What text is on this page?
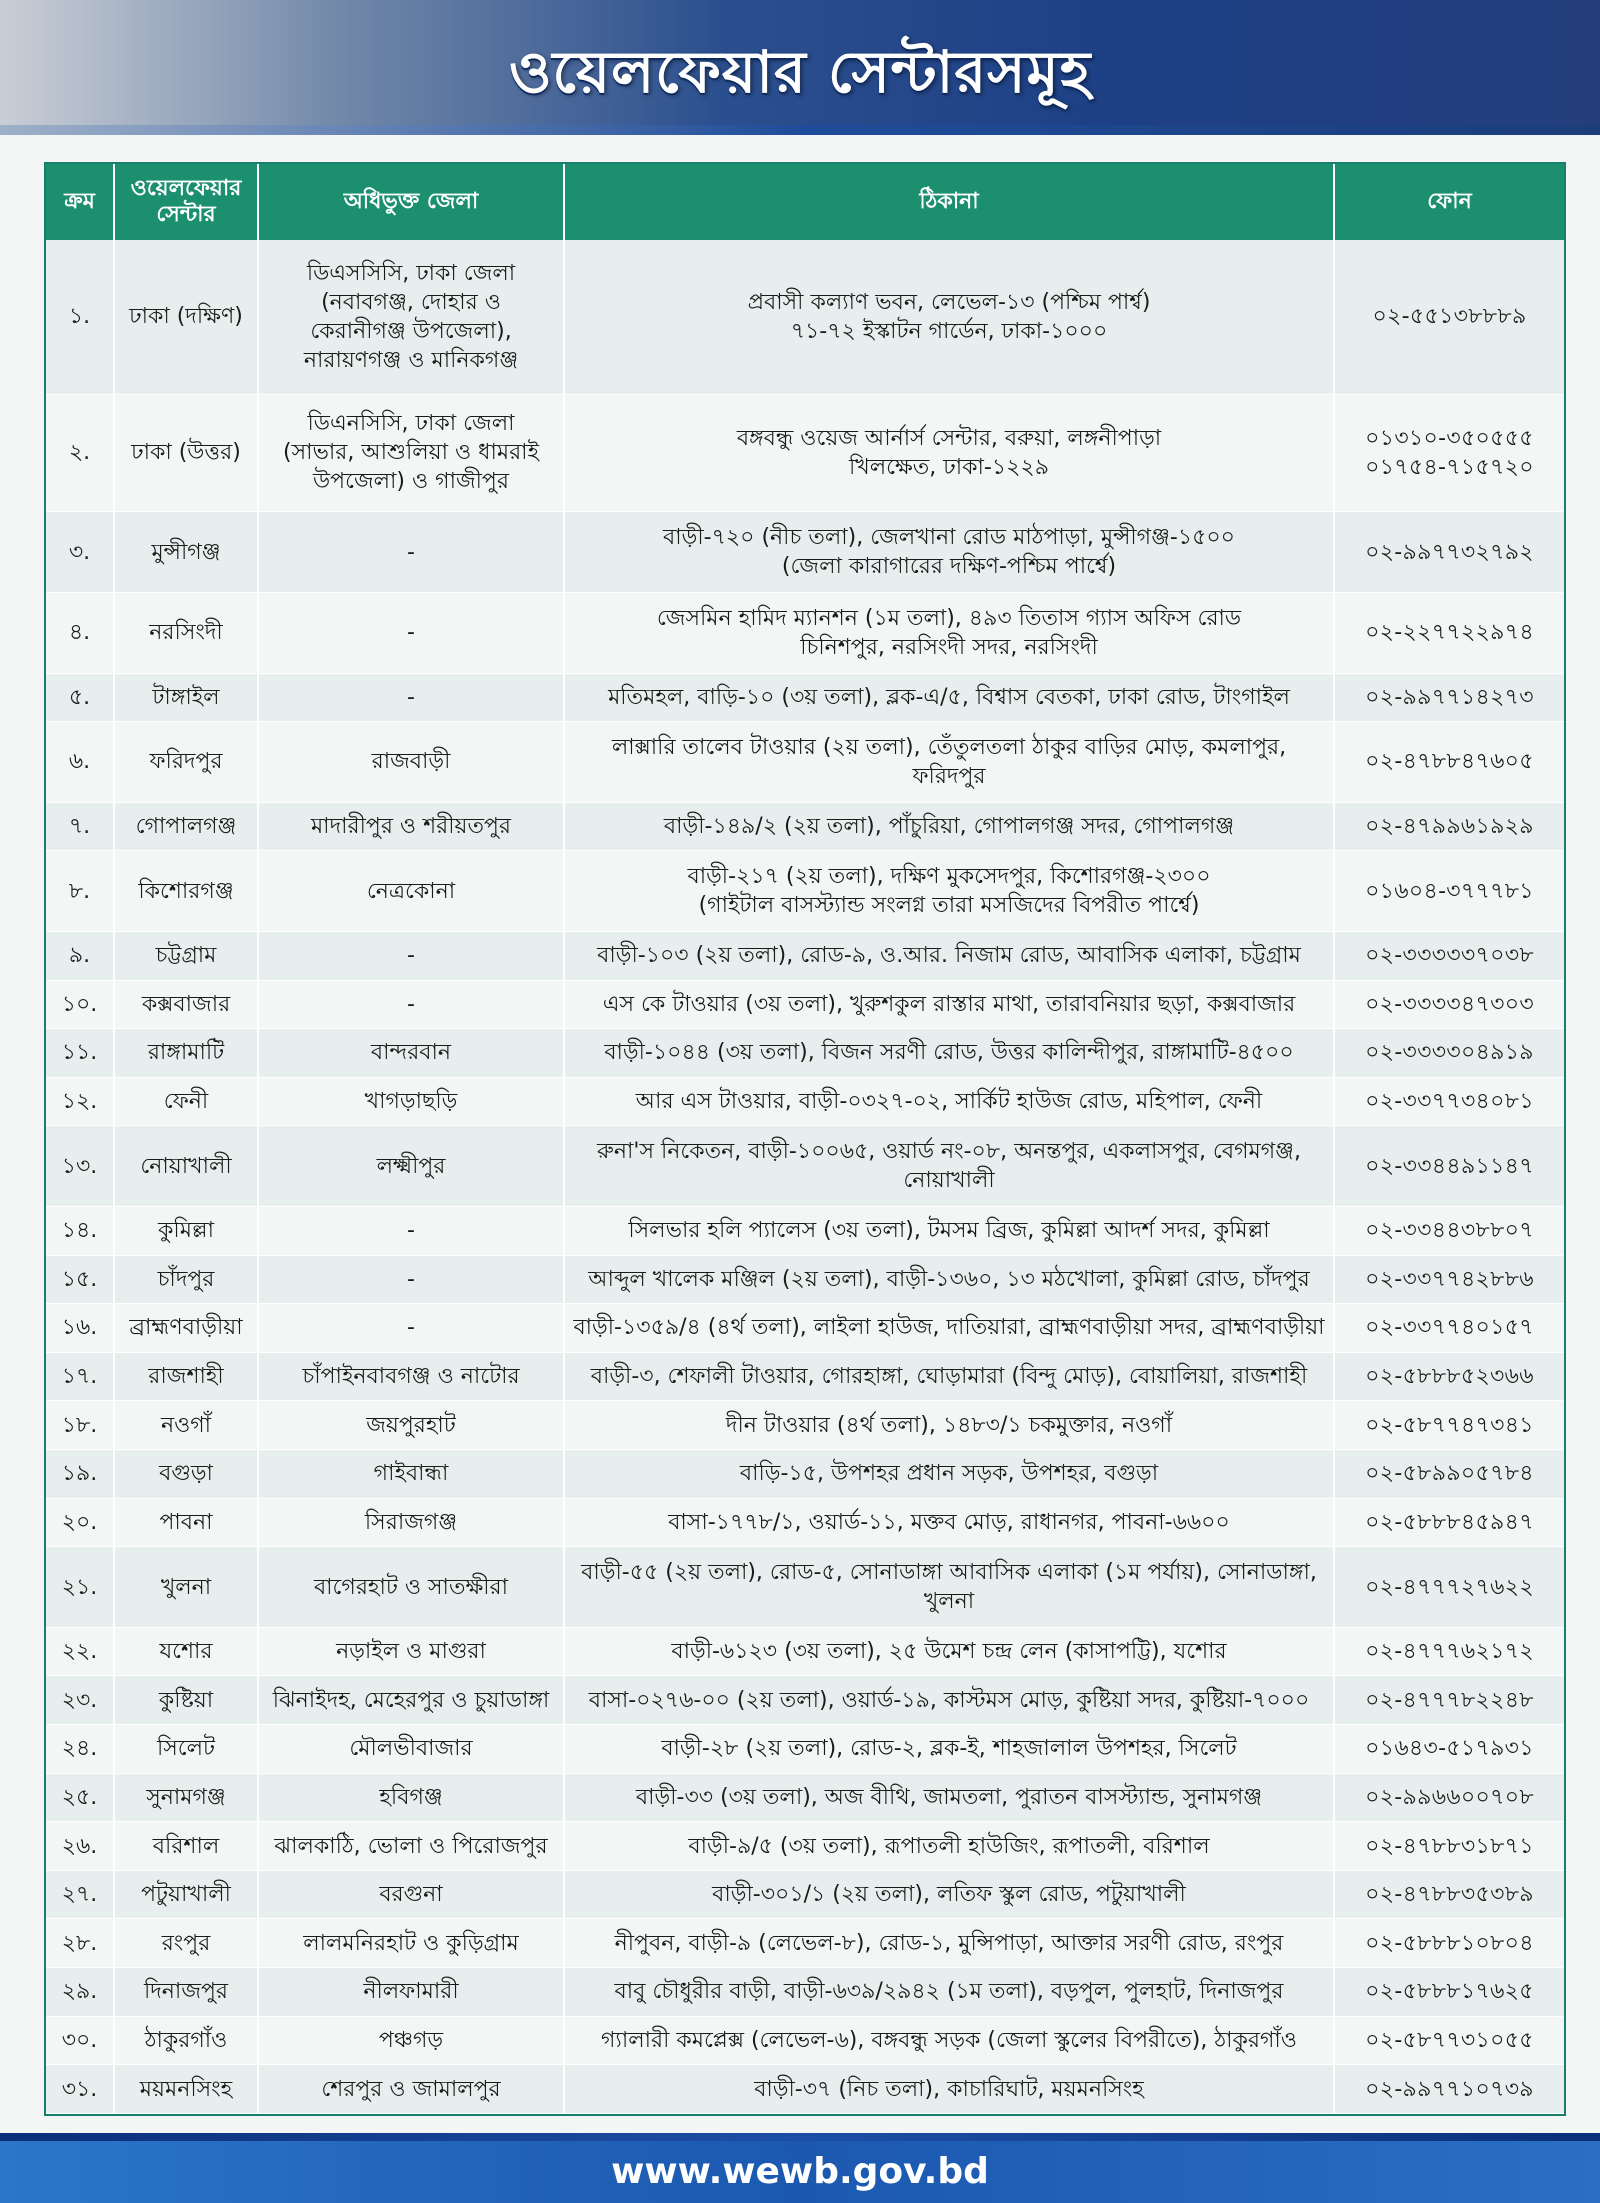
ওয়েলফেয়ার সেন্টারসমূহ
ক্রম	ওয়েলফেয়ার সেন্টার	অধিভুক্ত জেলা	ঠিকানা	ফোন
১.	ঢাকা (দক্ষিণ)	ডিএসসিসি, ঢাকা জেলা
(নবাবগঞ্জ, দোহার ও
কেরানীগঞ্জ উপজেলা),
নারায়ণগঞ্জ ও মানিকগঞ্জ	প্রবাসী কল্যাণ ভবন, লেভেল-১৩ (পশ্চিম পার্শ্ব)
৭১-৭২ ইস্কাটন গার্ডেন, ঢাকা-১০০০	০২-৫৫১৩৮৮৮৯

২.	ঢাকা (উত্তর)	ডিএনসিসি, ঢাকা জেলা
(সাভার, আশুলিয়া ও ধামরাই
উপজেলা) ও গাজীপুর	বঙ্গবন্ধু ওয়েজ আর্নার্স সেন্টার, বরুয়া, লঙ্গনীপাড়া
খিলক্ষেত, ঢাকা-১২২৯	০১৩১০-৩৫০৫৫৫
০১৭৫৪-৭১৫৭২০

৩.	মুন্সীগঞ্জ	-	বাড়ী-৭২০ (নীচ তলা), জেলখানা রোড মাঠপাড়া, মুন্সীগঞ্জ-১৫০০
(জেলা কারাগারের দক্ষিণ-পশ্চিম পার্শ্বে)	০২-৯৯৭৭৩২৭৯২

৪.	নরসিংদী	-	জেসমিন হামিদ ম্যানশন (১ম তলা), ৪৯৩ তিতাস গ্যাস অফিস রোড
চিনিশপুর, নরসিংদী সদর, নরসিংদী	০২-২২৭৭২২৯৭৪

৫.	টাঙ্গাইল	-	মতিমহল, বাড়ি-১০ (৩য় তলা), ব্লক-এ/৫, বিশ্বাস বেতকা, ঢাকা রোড, টাংগাইল	০২-৯৯৭৭১৪২৭৩

৬.	ফরিদপুর	রাজবাড়ী	লাক্সারি তালেব টাওয়ার (২য় তলা), তেঁতুলতলা ঠাকুর বাড়ির মোড়, কমলাপুর, ফরিদপুর	০২-৪৭৮৮৪৭৬০৫

৭.	গোপালগঞ্জ	মাদারীপুর ও শরীয়তপুর	বাড়ী-১৪৯/২ (২য় তলা), পাঁচুরিয়া, গোপালগঞ্জ সদর, গোপালগঞ্জ	০২-৪৭৯৯৬১৯২৯

৮.	কিশোরগঞ্জ	নেত্রকোনা	বাড়ী-২১৭ (২য় তলা), দক্ষিণ মুকসেদপুর, কিশোরগঞ্জ-২৩০০
(গাইটাল বাসস্ট্যান্ড সংলগ্ন তারা মসজিদের বিপরীত পার্শ্বে)	০১৬০৪-৩৭৭৭৮১

৯.	চট্টগ্রাম	-	বাড়ী-১০৩ (২য় তলা), রোড-৯, ও.আর. নিজাম রোড, আবাসিক এলাকা, চট্টগ্রাম	০২-৩৩৩৩৩৭০৩৮

১০.	কক্সবাজার	-	এস কে টাওয়ার (৩য় তলা), খুরুশকুল রাস্তার মাথা, তারাবনিয়ার ছড়া, কক্সবাজার	০২-৩৩৩৩৪৭৩০৩

১১.	রাঙ্গামাটি	বান্দরবান	বাড়ী-১০৪৪ (৩য় তলা), বিজন সরণী রোড, উত্তর কালিন্দীপুর, রাঙ্গামাটি-৪৫০০	০২-৩৩৩৩০৪৯১৯

১২.	ফেনী	খাগড়াছড়ি	আর এস টাওয়ার, বাড়ী-০৩২৭-০২, সার্কিট হাউজ রোড, মহিপাল, ফেনী	০২-৩৩৭৭৩৪০৮১

১৩.	নোয়াখালী	লক্ষ্মীপুর	রুনা'স নিকেতন, বাড়ী-১০০৬৫, ওয়ার্ড নং-০৮, অনন্তপুর, একলাসপুর, বেগমগঞ্জ, নোয়াখালী	০২-৩৩৪৪৯১১৪৭

১৪.	কুমিল্লা	-	সিলভার হলি প্যালেস (৩য় তলা), টমসম ব্রিজ, কুমিল্লা আদর্শ সদর, কুমিল্লা	০২-৩৩৪৪৩৮৮০৭

১৫.	চাঁদপুর	-	আব্দুল খালেক মঞ্জিল (২য় তলা), বাড়ী-১৩৬০, ১৩ মঠখোলা, কুমিল্লা রোড, চাঁদপুর	০২-৩৩৭৭৪২৮৮৬

১৬.	ব্রাহ্মণবাড়ীয়া	-	বাড়ী-১৩৫৯/৪ (৪র্থ তলা), লাইলা হাউজ, দাতিয়ারা, ব্রাহ্মণবাড়ীয়া সদর, ব্রাহ্মণবাড়ীয়া	০২-৩৩৭৭৪০১৫৭

১৭.	রাজশাহী	চাঁপাইনবাবগঞ্জ ও নাটোর	বাড়ী-৩, শেফালী টাওয়ার, গোরহাঙ্গা, ঘোড়ামারা (বিন্দু মোড়), বোয়ালিয়া, রাজশাহী	০২-৫৮৮৮৫২৩৬৬

১৮.	নওগাঁ	জয়পুরহাট	দীন টাওয়ার (৪র্থ তলা), ১৪৮৩/১ চকমুক্তার, নওগাঁ	০২-৫৮৭৭৪৭৩৪১

১৯.	বগুড়া	গাইবান্ধা	বাড়ি-১৫, উপশহর প্রধান সড়ক, উপশহর, বগুড়া	০২-৫৮৯৯০৫৭৮৪

২০.	পাবনা	সিরাজগঞ্জ	বাসা-১৭৭৮/১, ওয়ার্ড-১১, মক্তব মোড়, রাধানগর, পাবনা-৬৬০০	০২-৫৮৮৮৪৫৯৪৭

২১.	খুলনা	বাগেরহাট ও সাতক্ষীরা	বাড়ী-৫৫ (২য় তলা), রোড-৫, সোনাডাঙ্গা আবাসিক এলাকা (১ম পর্যায়), সোনাডাঙ্গা, খুলনা	০২-৪৭৭৭২৭৬২২

২২.	যশোর	নড়াইল ও মাগুরা	বাড়ী-৬১২৩ (৩য় তলা), ২৫ উমেশ চন্দ্র লেন (কাসাপট্টি), যশোর	০২-৪৭৭৭৬২১৭২

২৩.	কুষ্টিয়া	ঝিনাইদহ, মেহেরপুর ও চুয়াডাঙ্গা	বাসা-০২৭৬-০০ (২য় তলা), ওয়ার্ড-১৯, কাস্টমস মোড়, কুষ্টিয়া সদর, কুষ্টিয়া-৭০০০	০২-৪৭৭৭৮২২৪৮

২৪.	সিলেট	মৌলভীবাজার	বাড়ী-২৮ (২য় তলা), রোড-২, ব্লক-ই, শাহজালাল উপশহর, সিলেট	০১৬৪৩-৫১৭৯৩১

২৫.	সুনামগঞ্জ	হবিগঞ্জ	বাড়ী-৩৩ (৩য় তলা), অজ বীথি, জামতলা, পুরাতন বাসস্ট্যান্ড, সুনামগঞ্জ	০২-৯৯৬৬০০৭০৮

২৬.	বরিশাল	ঝালকাঠি, ভোলা ও পিরোজপুর	বাড়ী-৯/৫ (৩য় তলা), রূপাতলী হাউজিং, রূপাতলী, বরিশাল	০২-৪৭৮৮৩১৮৭১

২৭.	পটুয়াখালী	বরগুনা	বাড়ী-৩০১/১ (২য় তলা), লতিফ স্কুল রোড, পটুয়াখালী	০২-৪৭৮৮৩৫৩৮৯

২৮.	রংপুর	লালমনিরহাট ও কুড়িগ্রাম	নীপুবন, বাড়ী-৯ (লেভেল-৮), রোড-১, মুন্সিপাড়া, আক্তার সরণী রোড, রংপুর	০২-৫৮৮৮১০৮০৪

২৯.	দিনাজপুর	নীলফামারী	বাবু চৌধুরীর বাড়ী, বাড়ী-৬৩৯/২৯৪২ (১ম তলা), বড়পুল, পুলহাট, দিনাজপুর	০২-৫৮৮৮১৭৬২৫

৩০.	ঠাকুরগাঁও	পঞ্চগড়	গ্যালারী কমপ্লেক্স (লেভেল-৬), বঙ্গবন্ধু সড়ক (জেলা স্কুলের বিপরীতে), ঠাকুরগাঁও	০২-৫৮৭৭৩১০৫৫

৩১.	ময়মনসিংহ	শেরপুর ও জামালপুর	বাড়ী-৩৭ (নিচ তলা), কাচারিঘাট, ময়মনসিংহ	০২-৯৯৭৭১০৭৩৯
www.wewb.gov.bd
